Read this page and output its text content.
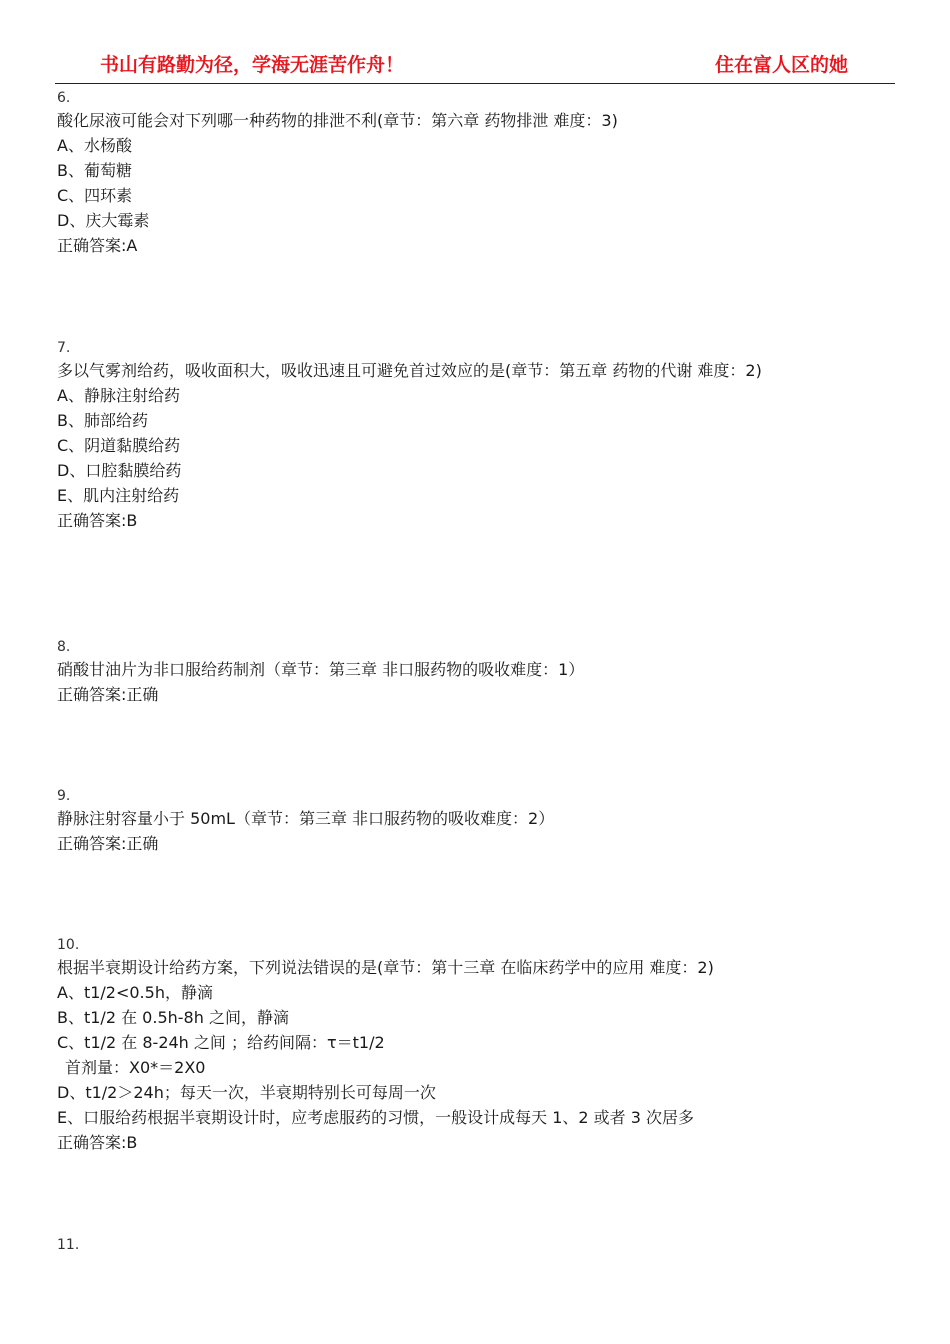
书山有路勤为径，学海无涯苦作舟！	住在富人区的她
6.
酸化尿液可能会对下列哪一种药物的排泄不利(章节：第六章 药物排泄 难度：3)
A、水杨酸
B、葡萄糖
C、四环素
D、庆大霉素
正确答案:A
7.
多以气雾剂给药，吸收面积大，吸收迅速且可避免首过效应的是(章节：第五章 药物的代谢 难度：2)
A、静脉注射给药
B、肺部给药
C、阴道黏膜给药
D、口腔黏膜给药
E、肌内注射给药
正确答案:B
8.
硝酸甘油片为非口服给药制剂（章节：第三章 非口服药物的吸收难度：1）
正确答案:正确
9.
静脉注射容量小于 50mL（章节：第三章 非口服药物的吸收难度：2）
正确答案:正确
10.
根据半衰期设计给药方案，下列说法错误的是(章节：第十三章 在临床药学中的应用 难度：2)
A、t1/2<0.5h，静滴
B、t1/2 在 0.5h-8h 之间，静滴
C、t1/2 在 8-24h 之间 ；给药间隔：τ＝t1/2
首剂量：X0*＝2X0
D、t1/2＞24h；每天一次，半衰期特别长可每周一次
E、口服给药根据半衰期设计时，应考虑服药的习惯，一般设计成每天 1、2 或者 3 次居多
正确答案:B
11.
